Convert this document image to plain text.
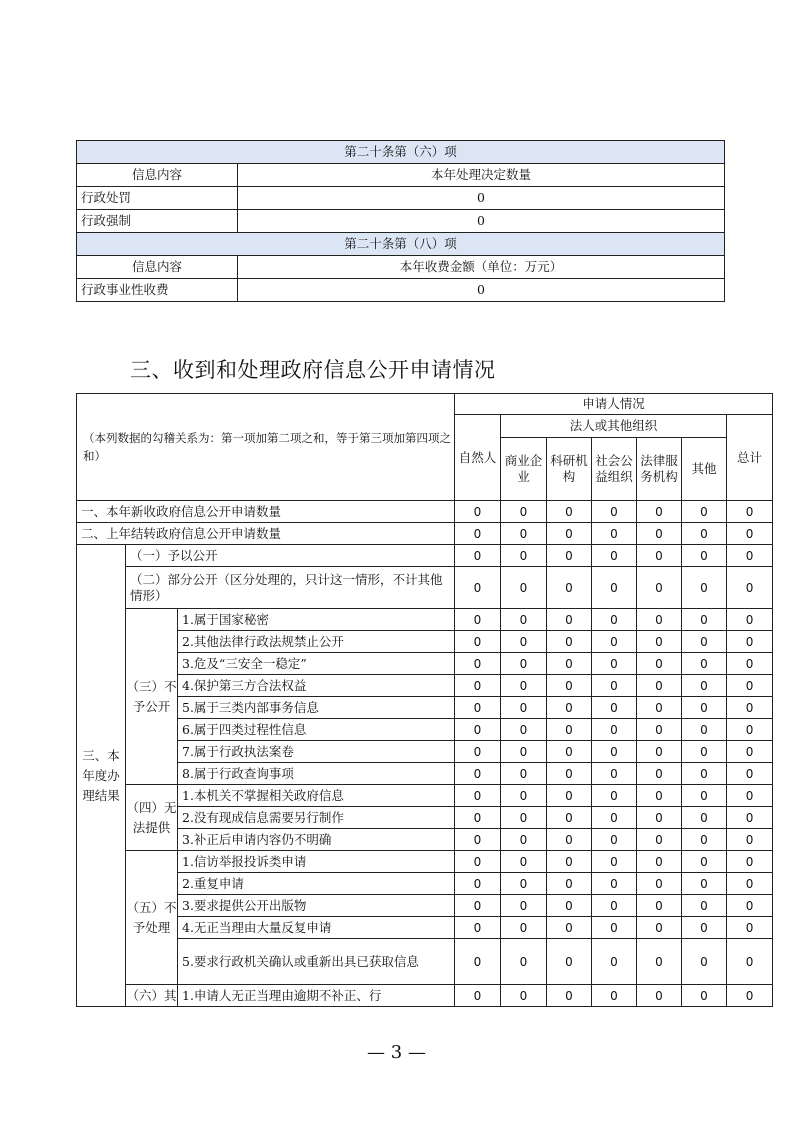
第二十条第（六）项	
信息内容	本年处理决定数量
行政处罚	0
行政强制	0
第二十条第（八）项	
信息内容	本年收费金额（单位：万元）
行政事业性收费	0
三、收到和处理政府信息公开申请情况
（本列数据的勾稽关系为：第一项加第二项之和，等于第三项加第四项之和）			申请人情况						
			自然人	法人或其他组织					总计
				商业企业	科研机构	社会公益组织	法律服务机构	其他	
一、本年新收政府信息公开申请数量			0	0	0	0	0	0	0
二、上年结转政府信息公开申请数量			0	0	0	0	0	0	0
三、本年度办理结果	（一）予以公开		0	0	0	0	0	0	0
	（二）部分公开（区分处理的，只计这一情形，不计其他情形）		0	0	0	0	0	0	0
	（三）不予公开	1.属于国家秘密	0	0	0	0	0	0	0
		2.其他法律行政法规禁止公开	0	0	0	0	0	0	0
		3.危及“三安全一稳定”	0	0	0	0	0	0	0
		4.保护第三方合法权益	0	0	0	0	0	0	0
		5.属于三类内部事务信息	0	0	0	0	0	0	0
		6.属于四类过程性信息	0	0	0	0	0	0	0
		7.属于行政执法案卷	0	0	0	0	0	0	0
		8.属于行政查询事项	0	0	0	0	0	0	0
	（四）无法提供	1.本机关不掌握相关政府信息	0	0	0	0	0	0	0
		2.没有现成信息需要另行制作	0	0	0	0	0	0	0
		3.补正后申请内容仍不明确	0	0	0	0	0	0	0
	（五）不予处理	1.信访举报投诉类申请	0	0	0	0	0	0	0
		2.重复申请	0	0	0	0	0	0	0
		3.要求提供公开出版物	0	0	0	0	0	0	0
		4.无正当理由大量反复申请	0	0	0	0	0	0	0
		5.要求行政机关确认或重新出具已获取信息	0	0	0	0	0	0	0
	（六）其	1.申请人无正当理由逾期不补正、行	0	0	0	0	0	0	0
— 3 —
